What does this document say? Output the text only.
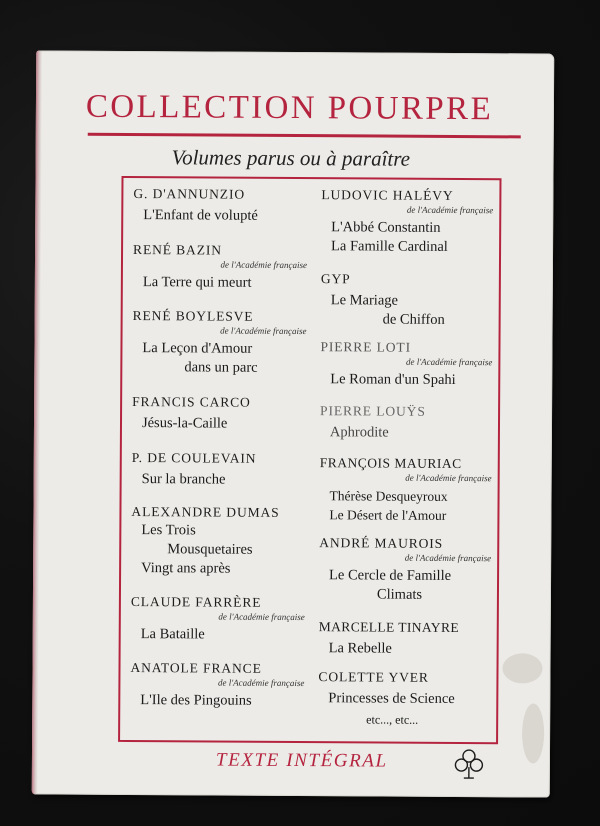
COLLECTION POURPRE
Volumes parus ou à paraître
G. D'ANNUNZIO
L'Enfant de volupté
RENÉ BAZIN
de l'Académie française
La Terre qui meurt
RENÉ BOYLESVE
de l'Académie française
La Leçon d'Amour
dans un parc
FRANCIS CARCO
Jésus-la-Caille
P. DE COULEVAIN
Sur la branche
ALEXANDRE DUMAS
Les Trois
Mousquetaires
Vingt ans après
CLAUDE FARRÈRE
de l'Académie française
La Bataille
ANATOLE FRANCE
de l'Académie française
L'Ile des Pingouins
LUDOVIC HALÉVY
de l'Académie française
L'Abbé Constantin
La Famille Cardinal
GYP
Le Mariage
de Chiffon
PIERRE LOTI
de l'Académie française
Le Roman d'un Spahi
PIERRE LOUŸS
Aphrodite
FRANÇOIS MAURIAC
de l'Académie française
Thérèse Desqueyroux
Le Désert de l'Amour
ANDRÉ MAUROIS
de l'Académie française
Le Cercle de Famille
Climats
MARCELLE TINAYRE
La Rebelle
COLETTE YVER
Princesses de Science
etc..., etc...
TEXTE INTÉGRAL
